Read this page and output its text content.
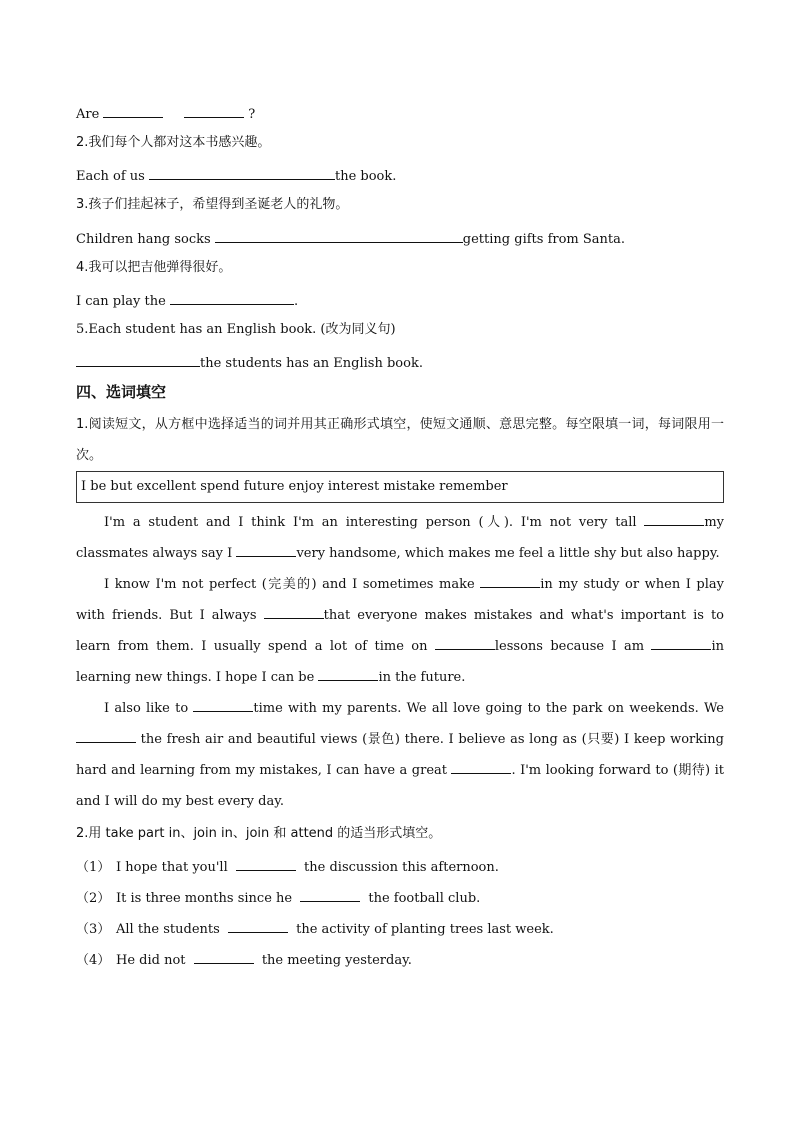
Are	?
2.我们每个人都对这本书感兴趣。
Each of us	the book.
3.孩子们挂起袜子，希望得到圣诞老人的礼物。
Children hang socks	getting gifts from Santa.
4.我可以把吉他弹得很好。
I can play the	.
5.Each student has an English book. (改为同义句)
the students has an English book.
四、选词填空
1.阅读短文，从方框中选择适当的词并用其正确形式填空，使短文通顺、意思完整。每空限填一词，每词限用一次。
I be but excellent spend future enjoy interest mistake remember
I'm a student and I think I'm an interesting person (人). I'm not very tall	my classmates always say I	very handsome, which makes me feel a little shy but also happy.
I know I'm not perfect (完美的) and I sometimes make	in my study or when I play with friends. But I always	that everyone makes mistakes and what's important is to learn from them. I usually spend a lot of time on	lessons because I am	in learning new things. I hope I can be	in the future.
I also like to	time with my parents. We all love going to the park on weekends. We  the fresh air and beautiful views (景色) there. I believe as long as (只要) I keep working hard and learning from my mistakes, I can have a great	. I'm looking forward to (期待) it and I will do my best every day.
2.用 take part in、join in、join 和 attend 的适当形式填空。
（1） I hope that you'll	the discussion this afternoon.
（2） It is three months since he	the football club.
（3） All the students	the activity of planting trees last week.
（4） He did not	the meeting yesterday.
